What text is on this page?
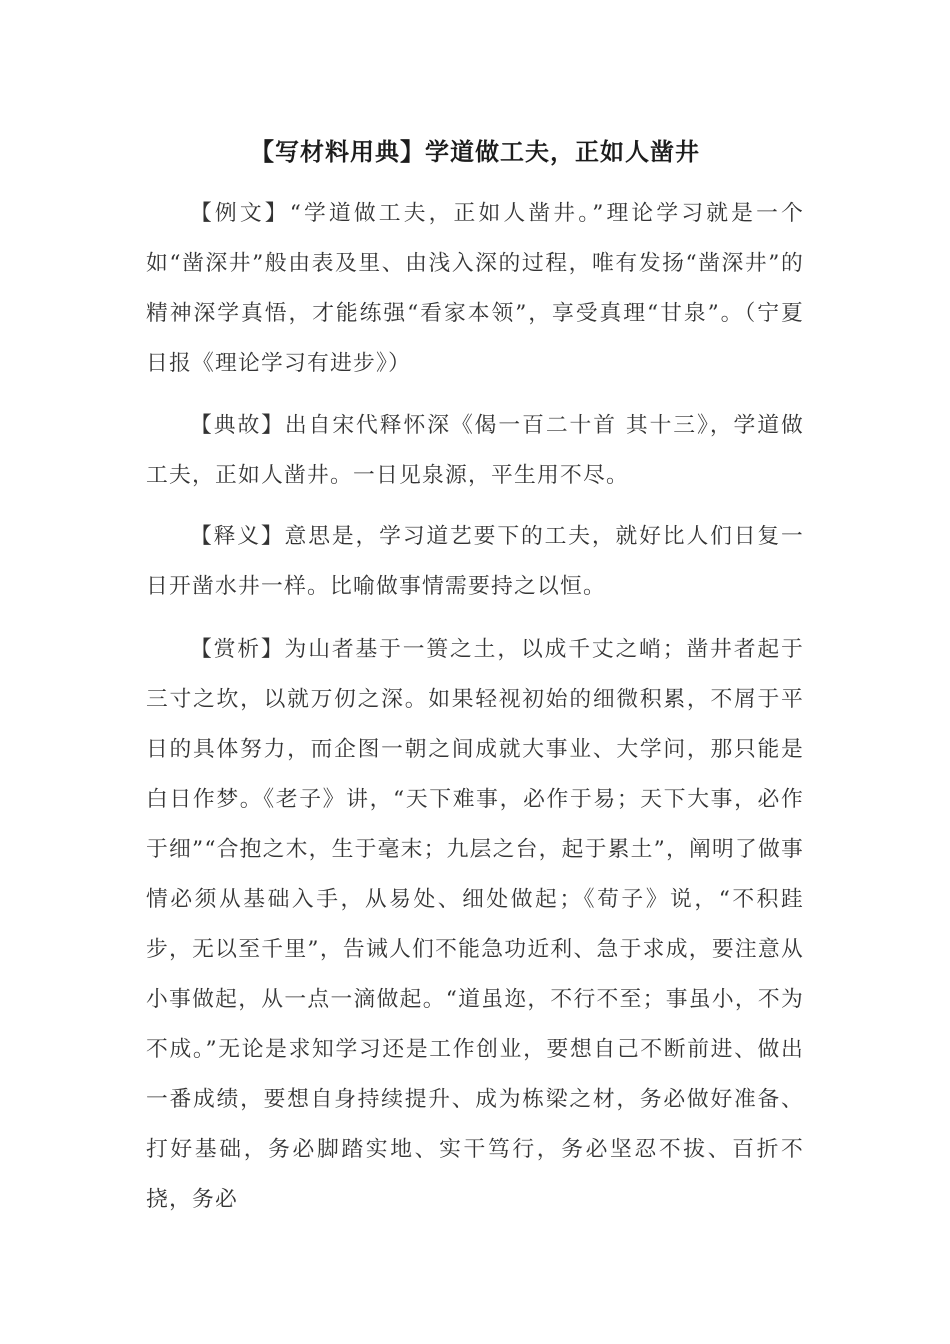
【写材料用典】学道做工夫，正如人凿井

【例文】“学道做工夫，正如人凿井。”理论学习就是一个如“凿深井”般由表及里、由浅入深的过程，唯有发扬“凿深井”的精神深学真悟，才能练强“看家本领”，享受真理“甘泉”。（宁夏日报《理论学习有进步》）

【典故】出自宋代释怀深《偈一百二十首 其十三》，学道做工夫，正如人凿井。一日见泉源，平生用不尽。

【释义】意思是，学习道艺要下的工夫，就好比人们日复一日开凿水井一样。比喻做事情需要持之以恒。

【赏析】为山者基于一篑之土，以成千丈之峭；凿井者起于三寸之坎，以就万仞之深。如果轻视初始的细微积累，不屑于平日的具体努力，而企图一朝之间成就大事业、大学问，那只能是白日作梦。《老子》讲，“天下难事，必作于易；天下大事，必作于细”“合抱之木，生于毫末；九层之台，起于累土”，阐明了做事情必须从基础入手，从易处、细处做起；《荀子》说，“不积跬步，无以至千里”，告诫人们不能急功近利、急于求成，要注意从小事做起，从一点一滴做起。“道虽迩，不行不至；事虽小，不为不成。”无论是求知学习还是工作创业，要想自己不断前进、做出一番成绩，要想自身持续提升、成为栋梁之材，务必做好准备、打好基础，务必脚踏实地、实干笃行，务必坚忍不拔、百折不挠，务必
